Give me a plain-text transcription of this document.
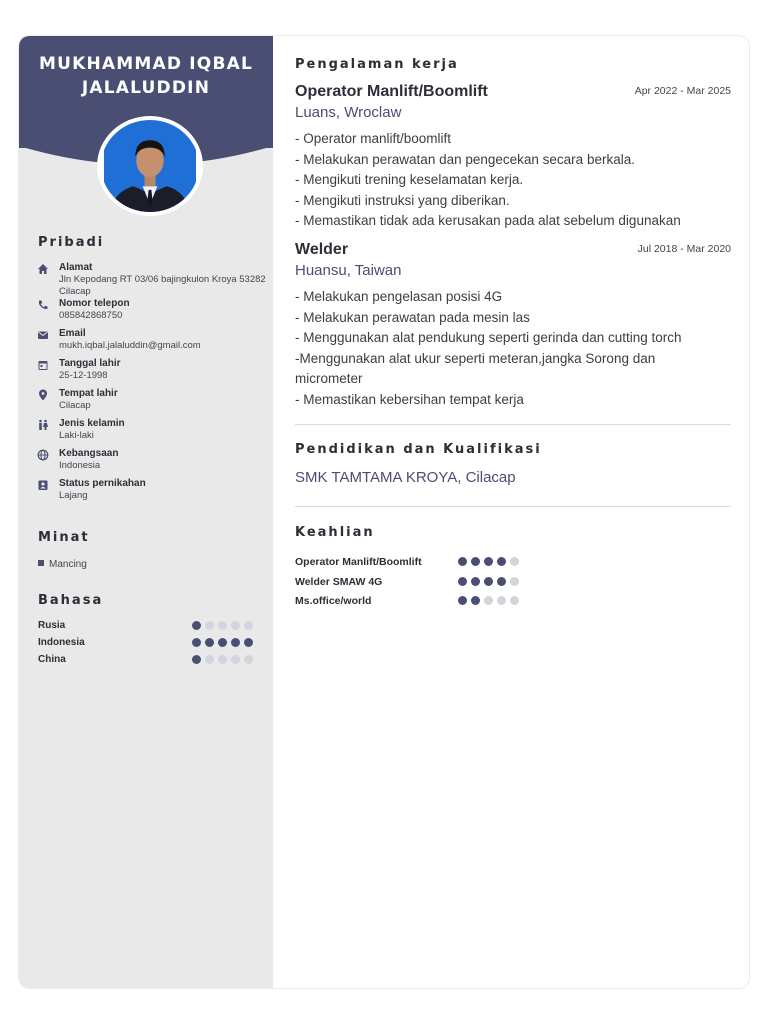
MUKHAMMAD IQBAL
JALALUDDIN
Pribadi
Alamat
Jln Kepodang RT 03/06 bajingkulon Kroya 53282 Cilacap
Nomor telepon
085842868750
Email
mukh.iqbal.jalaluddin@gmail.com
Tanggal lahir
25-12-1998
Tempat lahir
Cilacap
Jenis kelamin
Laki-laki
Kebangsaan
Indonesia
Status pernikahan
Lajang
Minat
Mancing
Bahasa
Rusia
Indonesia
China
Pengalaman kerja
Operator Manlift/Boomlift	Apr 2022 - Mar 2025
Luans, Wroclaw
- Operator manlift/boomlift
- Melakukan perawatan dan pengecekan secara berkala.
- Mengikuti trening keselamatan kerja.
- Mengikuti instruksi yang diberikan.
- Memastikan tidak ada kerusakan pada alat sebelum digunakan
Welder	Jul 2018 - Mar 2020
Huansu, Taiwan
- Melakukan pengelasan posisi 4G
- Melakukan perawatan pada mesin las
- Menggunakan alat pendukung seperti gerinda dan cutting torch
-Menggunakan alat ukur seperti meteran,jangka Sorong dan
micrometer
- Memastikan kebersihan tempat kerja
Pendidikan dan Kualifikasi
SMK TAMTAMA KROYA, Cilacap
Keahlian
Operator Manlift/Boomlift
Welder SMAW 4G
Ms.office/world
